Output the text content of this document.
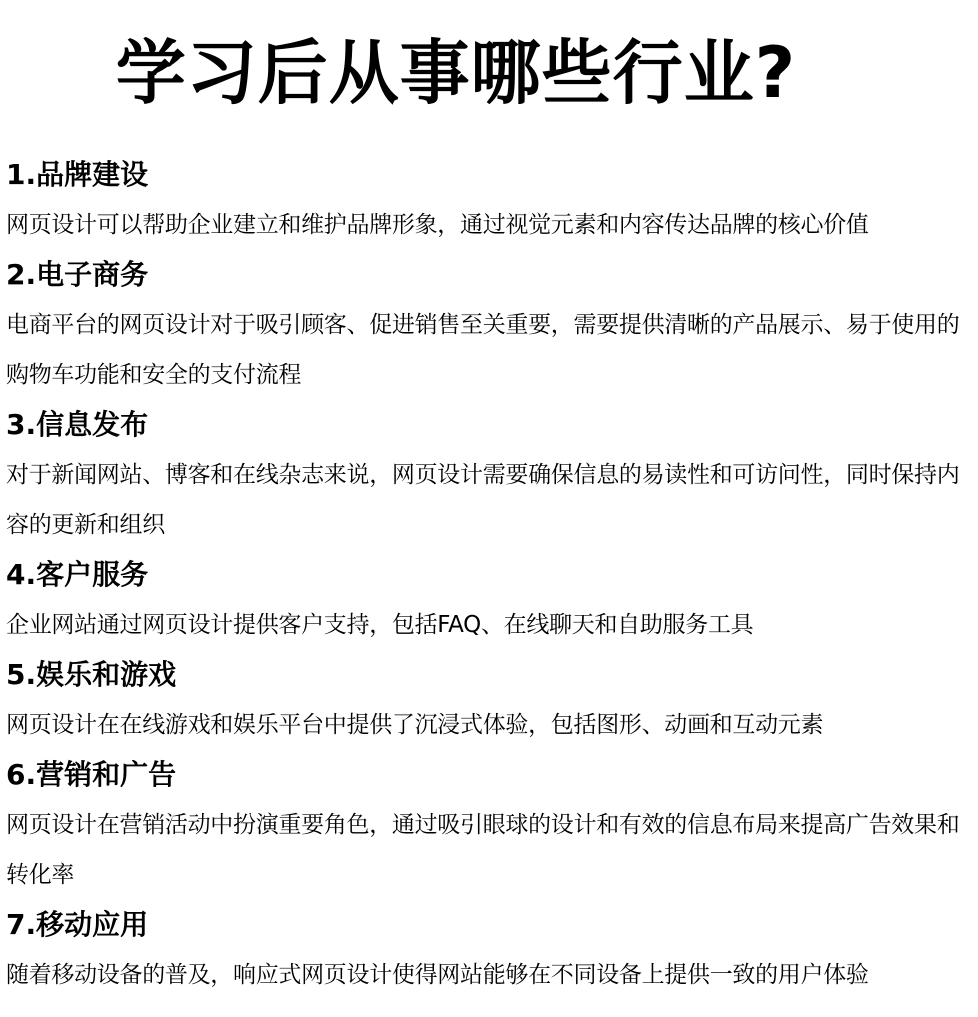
学习后从事哪些行业?
1.品牌建设
网页设计可以帮助企业建立和维护品牌形象，通过视觉元素和内容传达品牌的核心价值
2.电子商务
电商平台的网页设计对于吸引顾客、促进销售至关重要，需要提供清晰的产品展示、易于使用的购物车功能和安全的支付流程
3.信息发布
对于新闻网站、博客和在线杂志来说，网页设计需要确保信息的易读性和可访问性，同时保持内容的更新和组织
4.客户服务
企业网站通过网页设计提供客户支持，包括FAQ、在线聊天和自助服务工具
5.娱乐和游戏
网页设计在在线游戏和娱乐平台中提供了沉浸式体验，包括图形、动画和互动元素
6.营销和广告
网页设计在营销活动中扮演重要角色，通过吸引眼球的设计和有效的信息布局来提高广告效果和转化率
7.移动应用
随着移动设备的普及，响应式网页设计使得网站能够在不同设备上提供一致的用户体验
